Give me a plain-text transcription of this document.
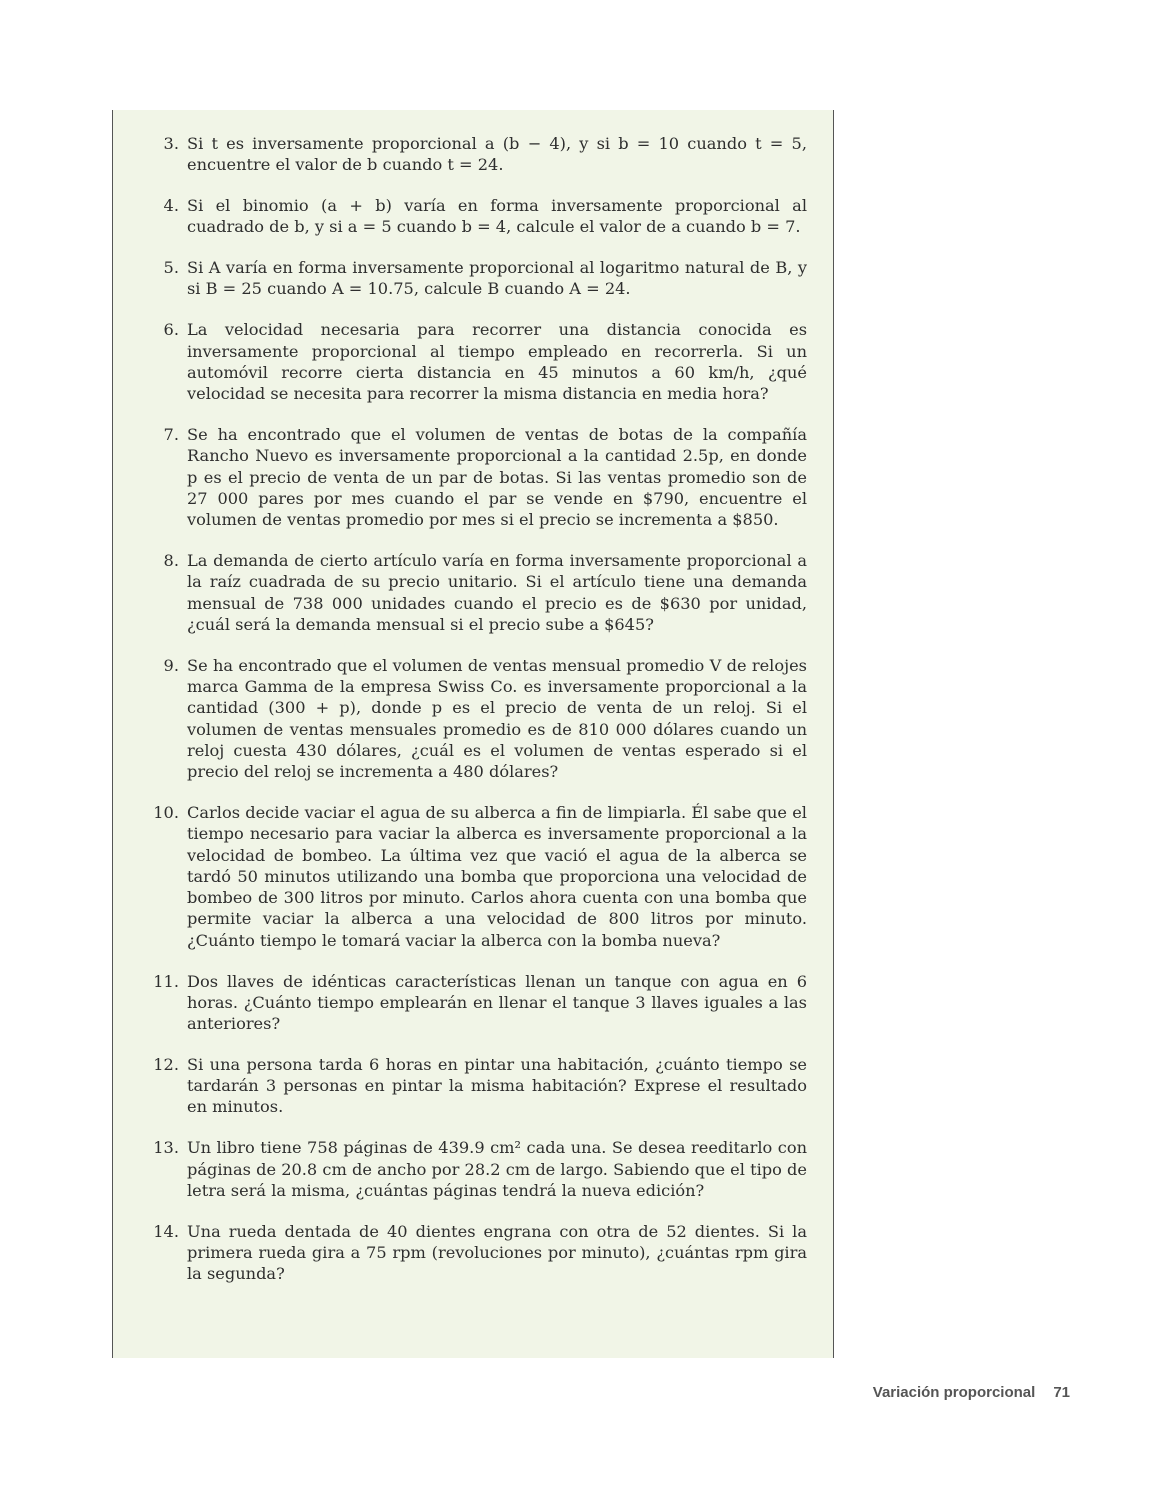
3. Si t es inversamente proporcional a (b − 4), y si b = 10 cuando t = 5, encuentre el valor de b cuando t = 24.
4. Si el binomio (a + b) varía en forma inversamente proporcional al cuadrado de b, y si a = 5 cuando b = 4, calcule el valor de a cuando b = 7.
5. Si A varía en forma inversamente proporcional al logaritmo natural de B, y si B = 25 cuando A = 10.75, calcule B cuando A = 24.
6. La velocidad necesaria para recorrer una distancia conocida es inversamente proporcional al tiempo empleado en recorrerla. Si un automóvil recorre cierta distancia en 45 minutos a 60 km/h, ¿qué velocidad se necesita para recorrer la misma distancia en media hora?
7. Se ha encontrado que el volumen de ventas de botas de la compañía Rancho Nuevo es inversamente proporcional a la cantidad 2.5p, en donde p es el precio de venta de un par de botas. Si las ventas promedio son de 27 000 pares por mes cuando el par se vende en $790, encuentre el volumen de ventas promedio por mes si el precio se incrementa a $850.
8. La demanda de cierto artículo varía en forma inversamente proporcional a la raíz cuadrada de su precio unitario. Si el artículo tiene una demanda mensual de 738 000 unidades cuando el precio es de $630 por unidad, ¿cuál será la demanda mensual si el precio sube a $645?
9. Se ha encontrado que el volumen de ventas mensual promedio V de relojes marca Gamma de la empresa Swiss Co. es inversamente proporcional a la cantidad (300 + p), donde p es el precio de venta de un reloj. Si el volumen de ventas mensuales promedio es de 810 000 dólares cuando un reloj cuesta 430 dólares, ¿cuál es el volumen de ventas esperado si el precio del reloj se incrementa a 480 dólares?
10. Carlos decide vaciar el agua de su alberca a fin de limpiarla. Él sabe que el tiempo necesario para vaciar la alberca es inversamente proporcional a la velocidad de bombeo. La última vez que vació el agua de la alberca se tardó 50 minutos utilizando una bomba que proporciona una velocidad de bombeo de 300 litros por minuto. Carlos ahora cuenta con una bomba que permite vaciar la alberca a una velocidad de 800 litros por minuto. ¿Cuánto tiempo le tomará vaciar la alberca con la bomba nueva?
11. Dos llaves de idénticas características llenan un tanque con agua en 6 horas. ¿Cuánto tiempo emplearán en llenar el tanque 3 llaves iguales a las anteriores?
12. Si una persona tarda 6 horas en pintar una habitación, ¿cuánto tiempo se tardarán 3 personas en pintar la misma habitación? Exprese el resultado en minutos.
13. Un libro tiene 758 páginas de 439.9 cm² cada una. Se desea reeditarlo con páginas de 20.8 cm de ancho por 28.2 cm de largo. Sabiendo que el tipo de letra será la misma, ¿cuántas páginas tendrá la nueva edición?
14. Una rueda dentada de 40 dientes engrana con otra de 52 dientes. Si la primera rueda gira a 75 rpm (revoluciones por minuto), ¿cuántas rpm gira la segunda?
Variación proporcional 71
